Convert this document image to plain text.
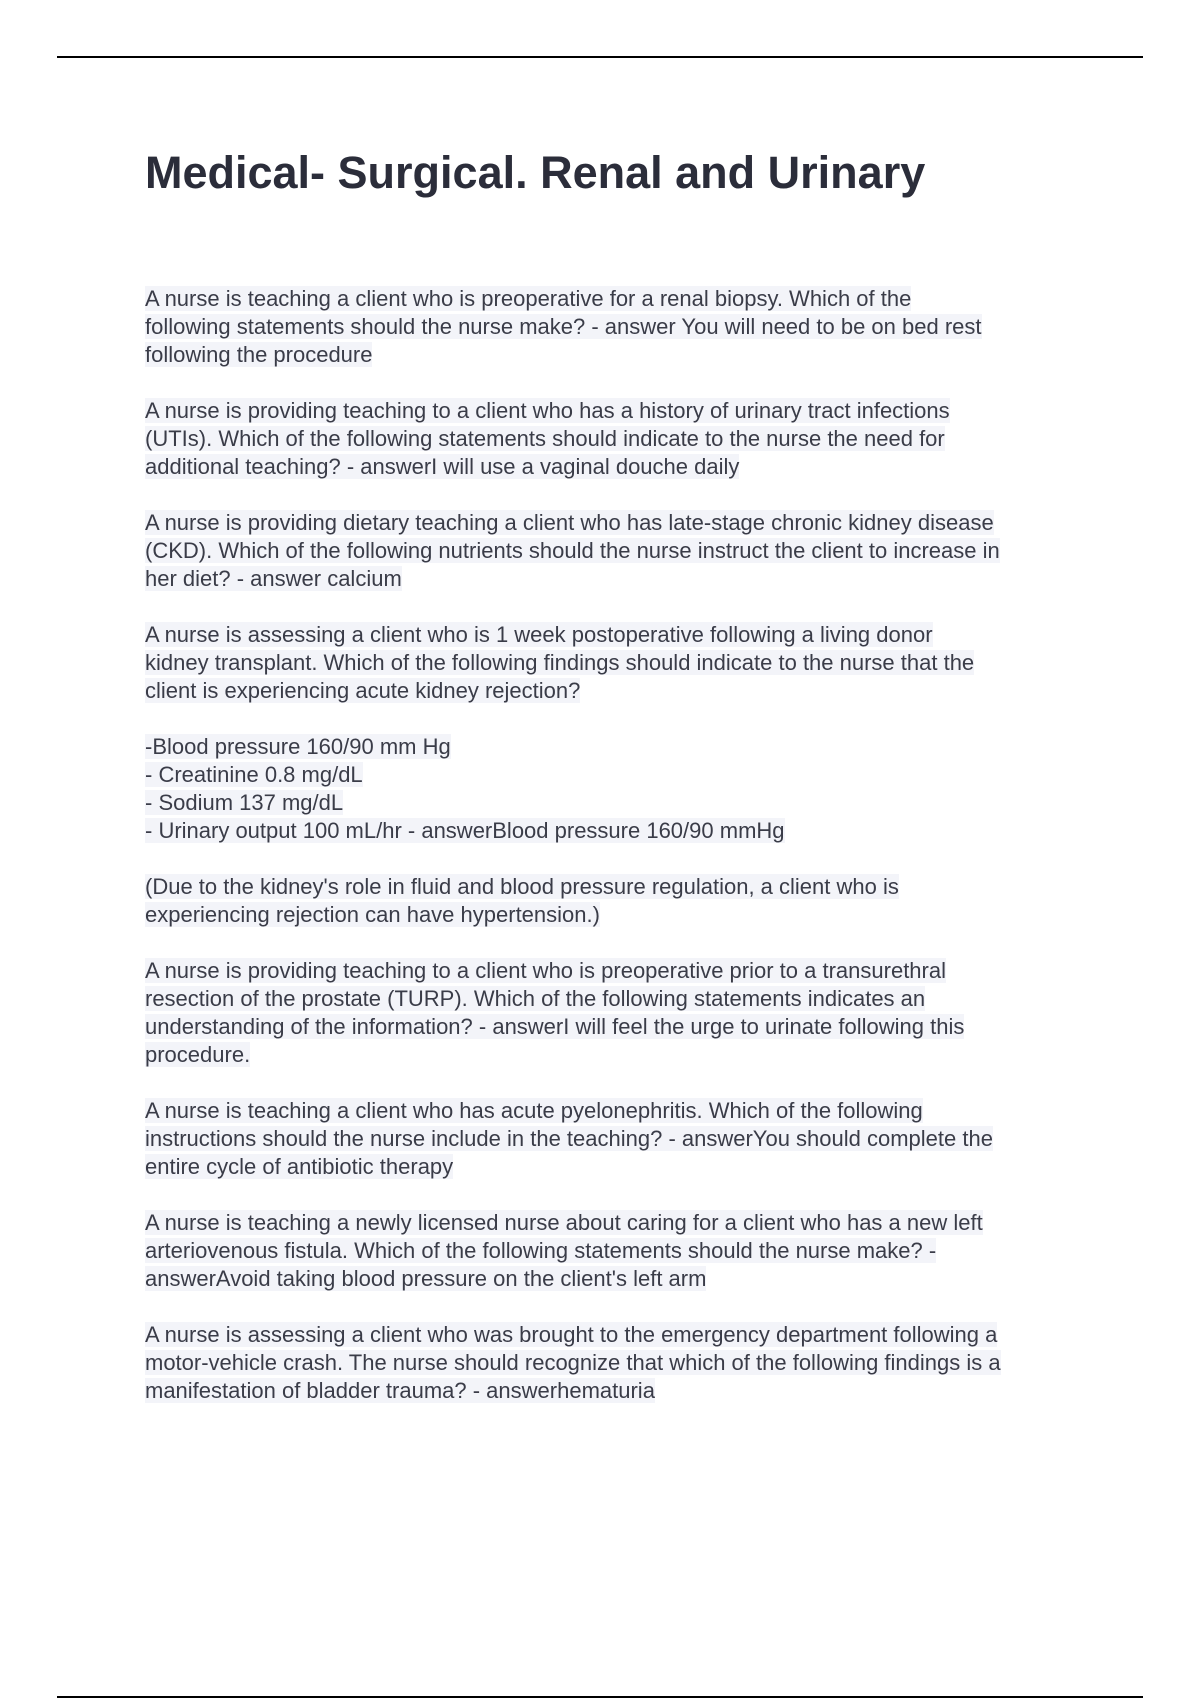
Medical- Surgical. Renal and Urinary

A nurse is teaching a client who is preoperative for a renal biopsy. Which of the
following statements should the nurse make? - answer You will need to be on bed rest
following the procedure

A nurse is providing teaching to a client who has a history of urinary tract infections
(UTIs). Which of the following statements should indicate to the nurse the need for
additional teaching? - answerI will use a vaginal douche daily

A nurse is providing dietary teaching a client who has late-stage chronic kidney disease
(CKD). Which of the following nutrients should the nurse instruct the client to increase in
her diet? - answer calcium

A nurse is assessing a client who is 1 week postoperative following a living donor
kidney transplant. Which of the following findings should indicate to the nurse that the
client is experiencing acute kidney rejection?

-Blood pressure 160/90 mm Hg
- Creatinine 0.8 mg/dL
- Sodium 137 mg/dL
- Urinary output 100 mL/hr - answerBlood pressure 160/90 mmHg

(Due to the kidney's role in fluid and blood pressure regulation, a client who is
experiencing rejection can have hypertension.)

A nurse is providing teaching to a client who is preoperative prior to a transurethral
resection of the prostate (TURP). Which of the following statements indicates an
understanding of the information? - answerI will feel the urge to urinate following this
procedure.

A nurse is teaching a client who has acute pyelonephritis. Which of the following
instructions should the nurse include in the teaching? - answerYou should complete the
entire cycle of antibiotic therapy

A nurse is teaching a newly licensed nurse about caring for a client who has a new left
arteriovenous fistula. Which of the following statements should the nurse make? -
answerAvoid taking blood pressure on the client's left arm

A nurse is assessing a client who was brought to the emergency department following a
motor-vehicle crash. The nurse should recognize that which of the following findings is a
manifestation of bladder trauma? - answerhematuria
